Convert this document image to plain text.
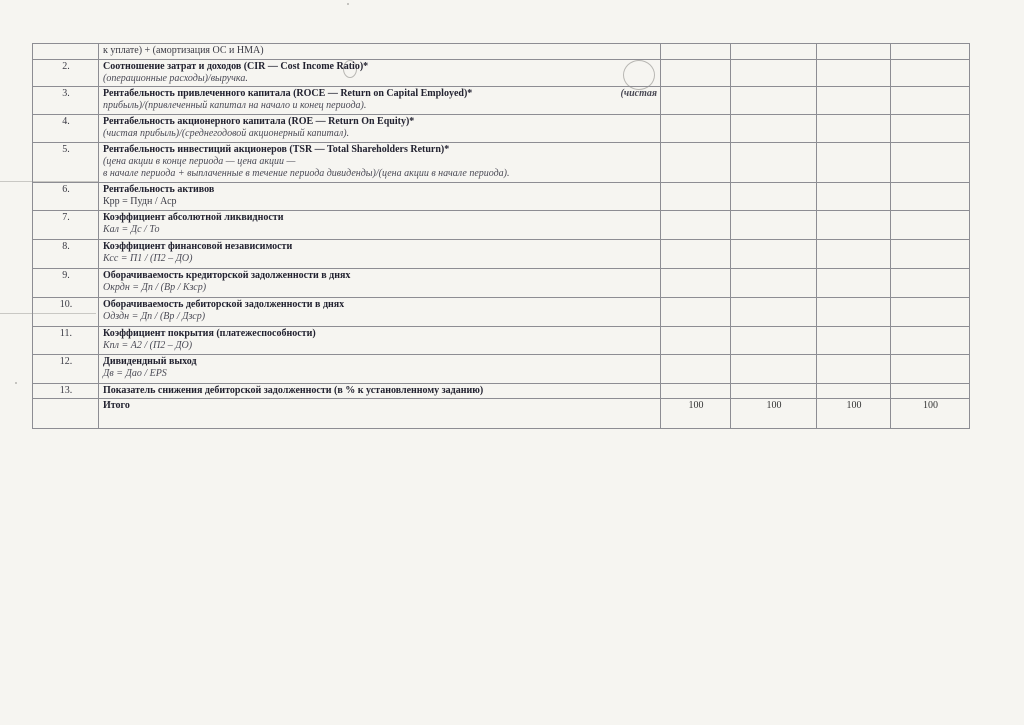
	к уплате) + (амортизация ОС и НМА)				
2.	Соотношение затрат и доходов (CIR — Cost Income Ratio)*
(операционные расходы)/выручка.				

3.	Рентабельность привлеченного капитала (ROCE — Return on Capital Employed)* (чистая
прибыль)/(привлеченный капитал на начало и конец периода).				

4.	Рентабельность акционерного капитала (ROE — Return On Equity)*
(чистая прибыль)/(среднегодовой акционерный капитал).				

5.	Рентабельность инвестиций акционеров (TSR — Total Shareholders Return)*
(цена акции в конце периода — цена акции —
в начале периода + выплаченные в течение периода дивиденды)/(цена акции в начале периода).				

6.	Рентабельность активов
Крр = Пудн / Аср				
7.	Коэффициент абсолютной ликвидности
Кал = Дс / То				

8.	Коэффициент финансовой независимости
Ксс = П1 / (П2 – ДО)				

9.	Оборачиваемость кредиторской задолженности в днях
Окрдн = Дп / (Вр / Кзср)				

10.	Оборачиваемость дебиторской задолженности в днях
Одздн = Дп / (Вр / Дзср)				

11.	Коэффициент покрытия (платежеспособности)
Кпл = А2 / (П2 – ДО)				

12.	Дивидендный выход
Дв = Дао / EPS				

13.	Показатель снижения дебиторской задолженности (в % к установленному заданию)				

	Итого	100	100	100	100
